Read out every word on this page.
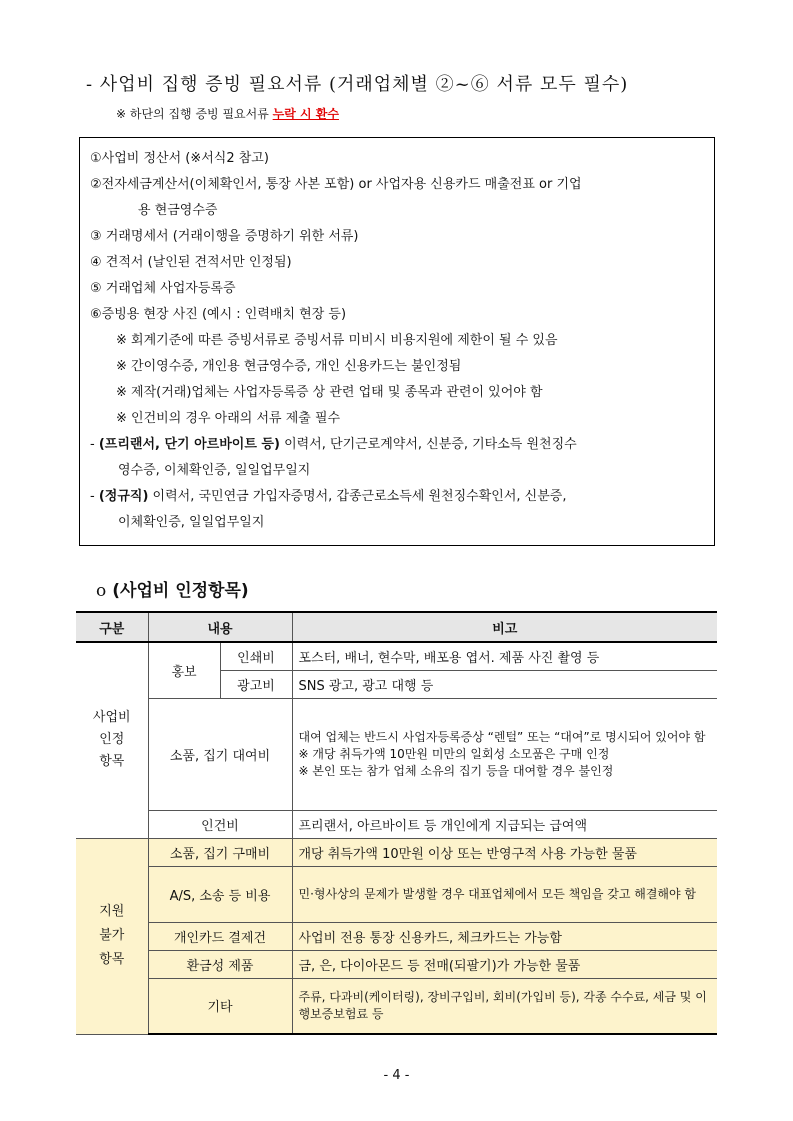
- 사업비 집행 증빙 필요서류 (거래업체별 ②~⑥ 서류 모두 필수)
※ 하단의 집행 증빙 필요서류 누락 시 환수
①사업비 정산서 (※서식2 참고)
②전자세금계산서(이체확인서, 통장 사본 포함) or 사업자용 신용카드 매출전표 or 기업
용 현금영수증
③ 거래명세서 (거래이행을 증명하기 위한 서류)
④ 견적서 (날인된 견적서만 인정됨)
⑤ 거래업체 사업자등록증
⑥증빙용 현장 사진 (예시 : 인력배치 현장 등)
※ 회계기준에 따른 증빙서류로 증빙서류 미비시 비용지원에 제한이 될 수 있음
※ 간이영수증, 개인용 현금영수증, 개인 신용카드는 불인정됨
※ 제작(거래)업체는 사업자등록증 상 관련 업태 및 종목과 관련이 있어야 함
※ 인건비의 경우 아래의 서류 제출 필수
- (프리랜서, 단기 아르바이트 등) 이력서, 단기근로계약서, 신분증, 기타소득 원천징수
영수증, 이체확인증, 일일업무일지
- (정규직) 이력서, 국민연금 가입자증명서, 갑종근로소득세 원천징수확인서, 신분증,
이체확인증, 일일업무일지
o (사업비 인정항목)
구분	내용		비고
사업비
인정
항목	홍보	인쇄비	포스터, 배너, 현수막, 배포용 엽서. 제품 사진 촬영 등
		광고비	SNS 광고, 광고 대행 등
	소품, 집기 대여비		대여 업체는 반드시 사업자등록증상 “렌털” 또는 “대여”로 명시되어 있어야 함
※ 개당 취득가액 10만원 미만의 일회성 소모품은 구매 인정
※ 본인 또는 참가 업체 소유의 집기 등을 대여할 경우 불인정

	인건비		프리랜서, 아르바이트 등 개인에게 지급되는 급여액

지원
불가
항목	소품, 집기 구매비		개당 취득가액 10만원 이상 또는 반영구적 사용 가능한 물품
	A/S, 소송 등 비용		민·형사상의 문제가 발생할 경우 대표업체에서 모든 책임을 갖고 해결해야 함
	개인카드 결제건		사업비 전용 통장 신용카드, 체크카드는 가능함
	환금성 제품		금, 은, 다이아몬드 등 전매(되팔기)가 가능한 물품
	기타		주류, 다과비(케이터링), 장비구입비, 회비(가입비 등), 각종 수수료, 세금 및 이행보증보험료 등
- 4 -
